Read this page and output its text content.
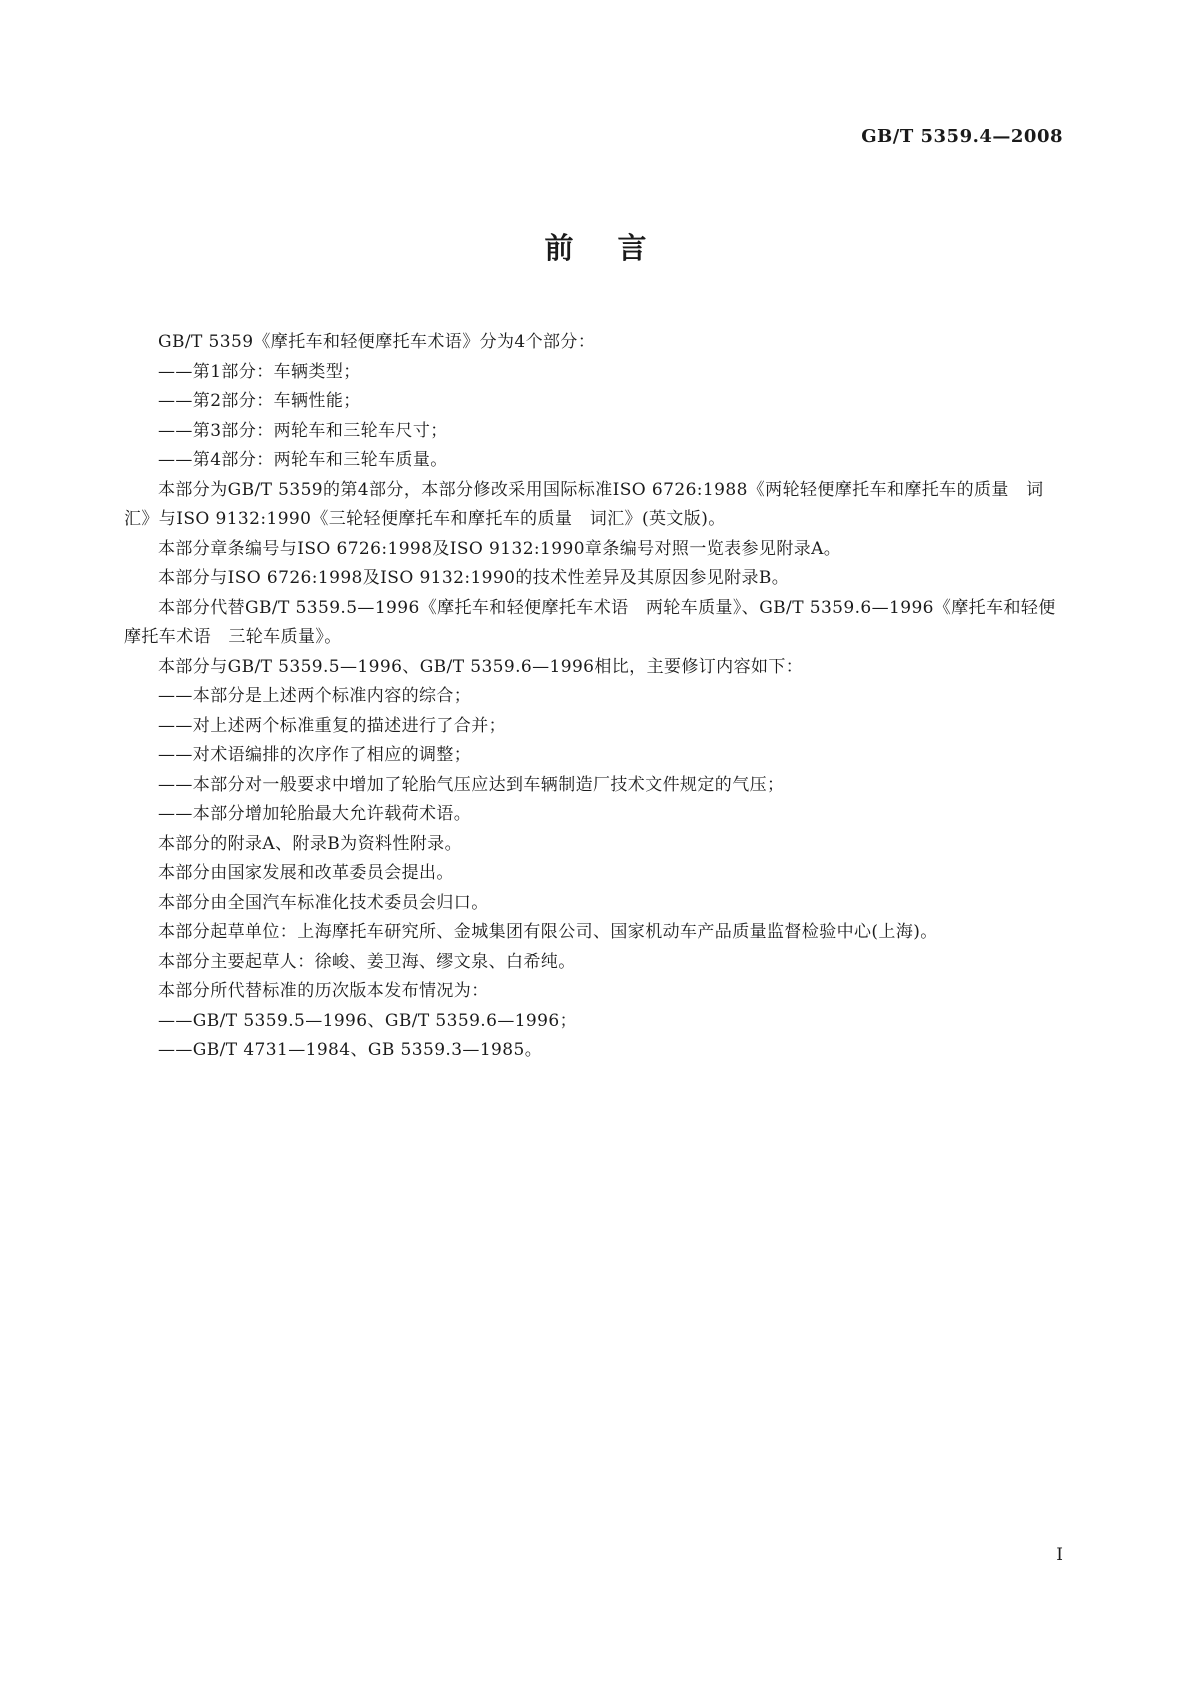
GB/T 5359.4—2008
前言

GB/T 5359《摩托车和轻便摩托车术语》分为4个部分：

——第1部分：车辆类型；

——第2部分：车辆性能；

——第3部分：两轮车和三轮车尺寸；

——第4部分：两轮车和三轮车质量。

本部分为GB/T 5359的第4部分，本部分修改采用国际标准ISO 6726:1988《两轮轻便摩托车和摩托车的质量　词汇》与ISO 9132:1990《三轮轻便摩托车和摩托车的质量　词汇》(英文版)。

本部分章条编号与ISO 6726:1998及ISO 9132:1990章条编号对照一览表参见附录A。

本部分与ISO 6726:1998及ISO 9132:1990的技术性差异及其原因参见附录B。

本部分代替GB/T 5359.5—1996《摩托车和轻便摩托车术语　两轮车质量》、GB/T 5359.6—1996《摩托车和轻便摩托车术语　三轮车质量》。

本部分与GB/T 5359.5—1996、GB/T 5359.6—1996相比，主要修订内容如下：

——本部分是上述两个标准内容的综合；

——对上述两个标准重复的描述进行了合并；

——对术语编排的次序作了相应的调整；

——本部分对一般要求中增加了轮胎气压应达到车辆制造厂技术文件规定的气压；

——本部分增加轮胎最大允许载荷术语。

本部分的附录A、附录B为资料性附录。

本部分由国家发展和改革委员会提出。

本部分由全国汽车标准化技术委员会归口。

本部分起草单位：上海摩托车研究所、金城集团有限公司、国家机动车产品质量监督检验中心(上海)。

本部分主要起草人：徐峻、姜卫海、缪文泉、白希纯。

本部分所代替标准的历次版本发布情况为：

——GB/T 5359.5—1996、GB/T 5359.6—1996；

——GB/T 4731—1984、GB 5359.3—1985。

I
